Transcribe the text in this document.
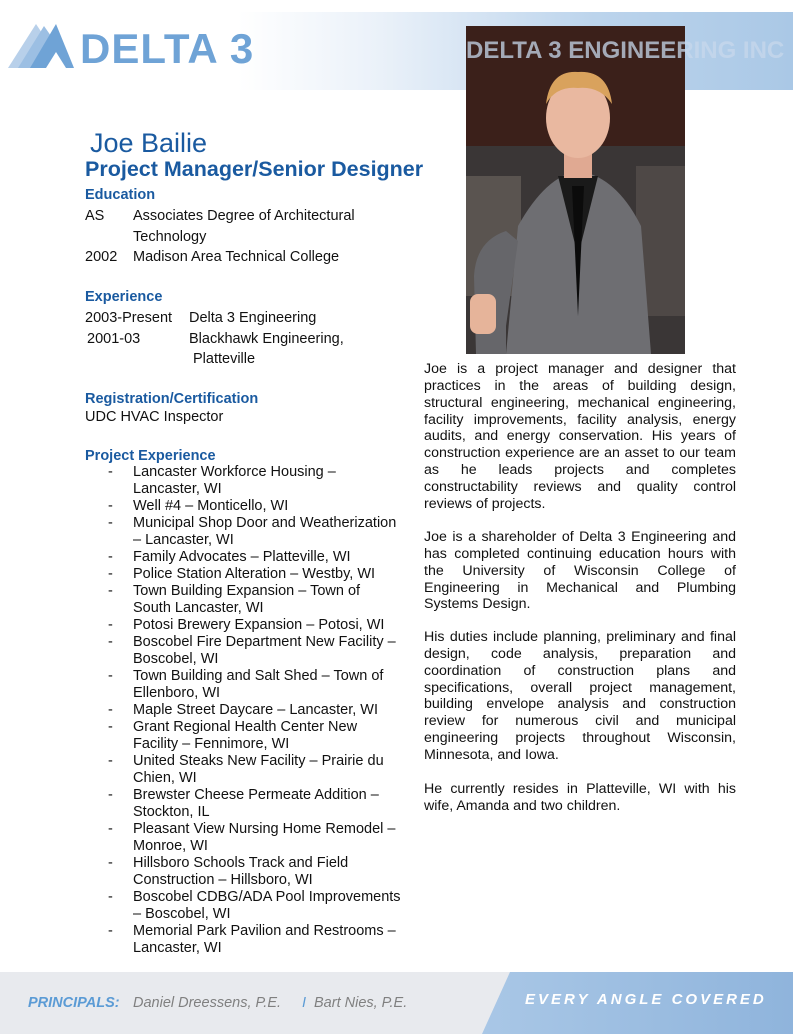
DELTA 3	DELTA 3 ENGINEERING INC
Joe Bailie
Project Manager/Senior Designer
Education
AS Associates Degree of Architectural
Technology
2002 Madison Area Technical College
Experience
2003-Present Delta 3 Engineering
2001-03	Blackhawk Engineering,
Platteville
Registration/Certification
UDC HVAC Inspector
Project Experience
- Lancaster Workforce Housing –
Lancaster, WI
- Well #4 – Monticello, WI
- Municipal Shop Door and Weatherization
– Lancaster, WI
- Family Advocates – Platteville, WI
- Police Station Alteration – Westby, WI
- Town Building Expansion – Town of
South Lancaster, WI
- Potosi Brewery Expansion – Potosi, WI
- Boscobel Fire Department New Facility –
Boscobel, WI
- Town Building and Salt Shed – Town of
Ellenboro, WI
- Maple Street Daycare – Lancaster, WI
- Grant Regional Health Center New
Facility – Fennimore, WI
- United Steaks New Facility – Prairie du
Chien, WI
- Brewster Cheese Permeate Addition –
Stockton, IL
- Pleasant View Nursing Home Remodel –
Monroe, WI
- Hillsboro Schools Track and Field
Construction – Hillsboro, WI
- Boscobel CDBG/ADA Pool Improvements
– Boscobel, WI
- Memorial Park Pavilion and Restrooms –
Lancaster, WI

Joe is a project manager and designer that practices in the areas of building design, structural engineering, mechanical engineering, facility improvements, facility analysis, energy audits, and energy conservation. His years of construction experience are an asset to our team as he leads projects and completes constructability reviews and quality control reviews of projects.

Joe is a shareholder of Delta 3 Engineering and has completed continuing education hours with the University of Wisconsin College of Engineering in Mechanical and Plumbing Systems Design.

His duties include planning, preliminary and final design, code analysis, preparation and coordination of construction plans and specifications, overall project management, building envelope analysis and construction review for numerous civil and municipal engineering projects throughout Wisconsin, Minnesota, and Iowa.

He currently resides in Platteville, WI with his wife, Amanda and two children.

PRINCIPALS: Daniel Dreessens, P.E. I Bart Nies, P.E.	EVERY ANGLE COVERED
